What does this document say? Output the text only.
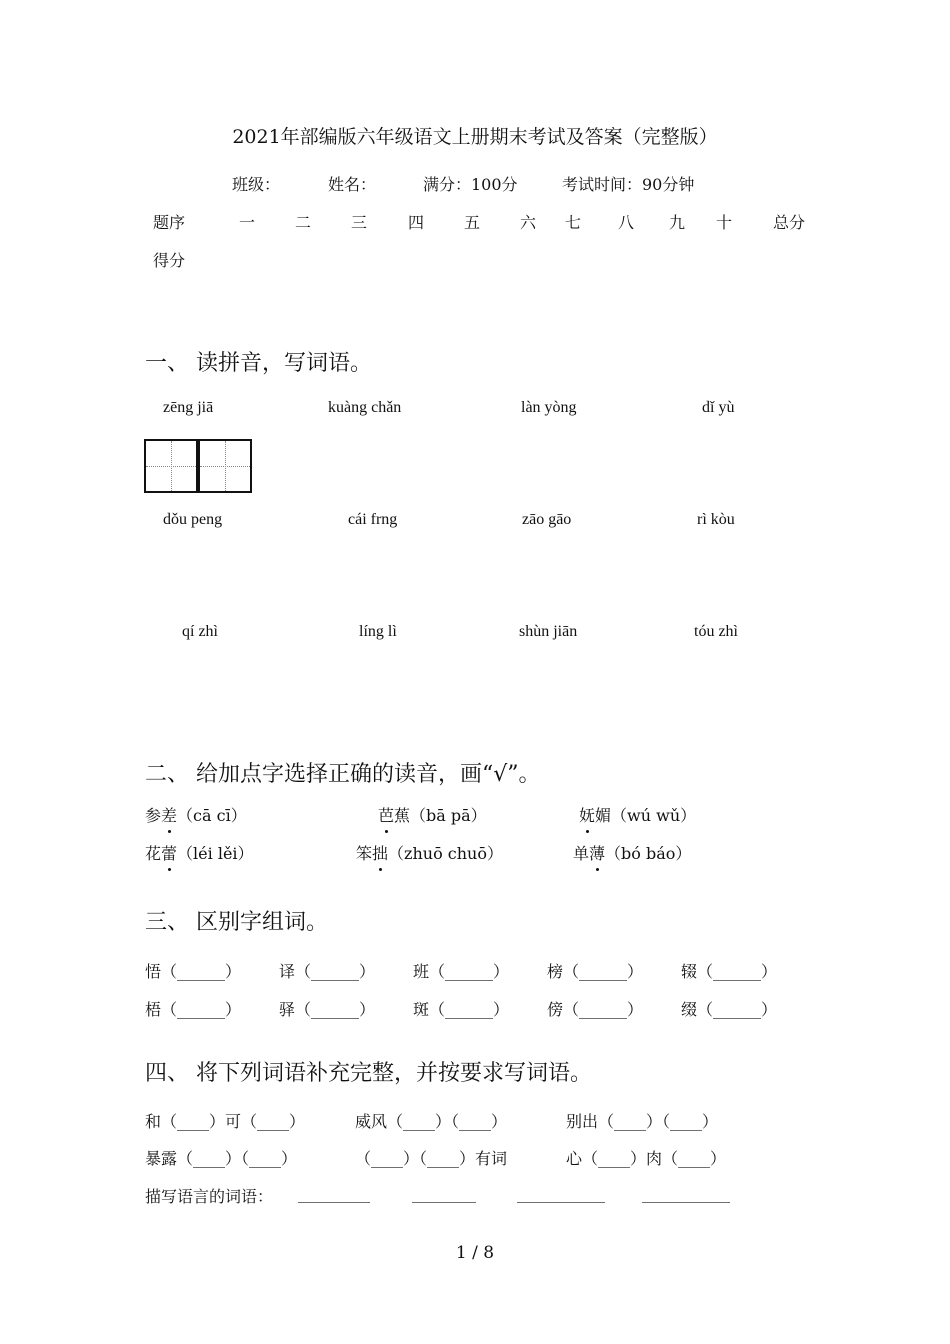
2021年部编版六年级语文上册期末考试及答案（完整版）
班级：	姓名：	满分：100分	考试时间：90分钟
题序	一 二 三	四 五 六 七 八 九 十	总分
得分
一、 读拼音，写词语。
zēng jiā	kuàng chǎn	làn yòng	dǐ yù
dǒu peng	cái frng	zāo gāo	rì kòu
qí zhì	líng lì	shùn jiān	tóu zhì
二、 给加点字选择正确的读音，画“√”。
参差（cā cī）	芭蕉（bā pā）	妩媚（wú wǔ）
花蕾（léi lěi）	笨拙（zhuō chuō）	单薄（bó báo）
三、 区别字组词。
悟（______） 译（______） 班（______） 榜（______） 辍（______）
梧（______） 驿（______） 斑（______） 傍（______） 缀（______）
四、 将下列词语补充完整，并按要求写词语。
和（____）可（____）	威风（____）（____）	别出（____）（____）
暴露（____）（____）	（____）（____）有词	心（____）肉（____）
描写语言的词语： _________	________	___________ ___________
1 / 8
